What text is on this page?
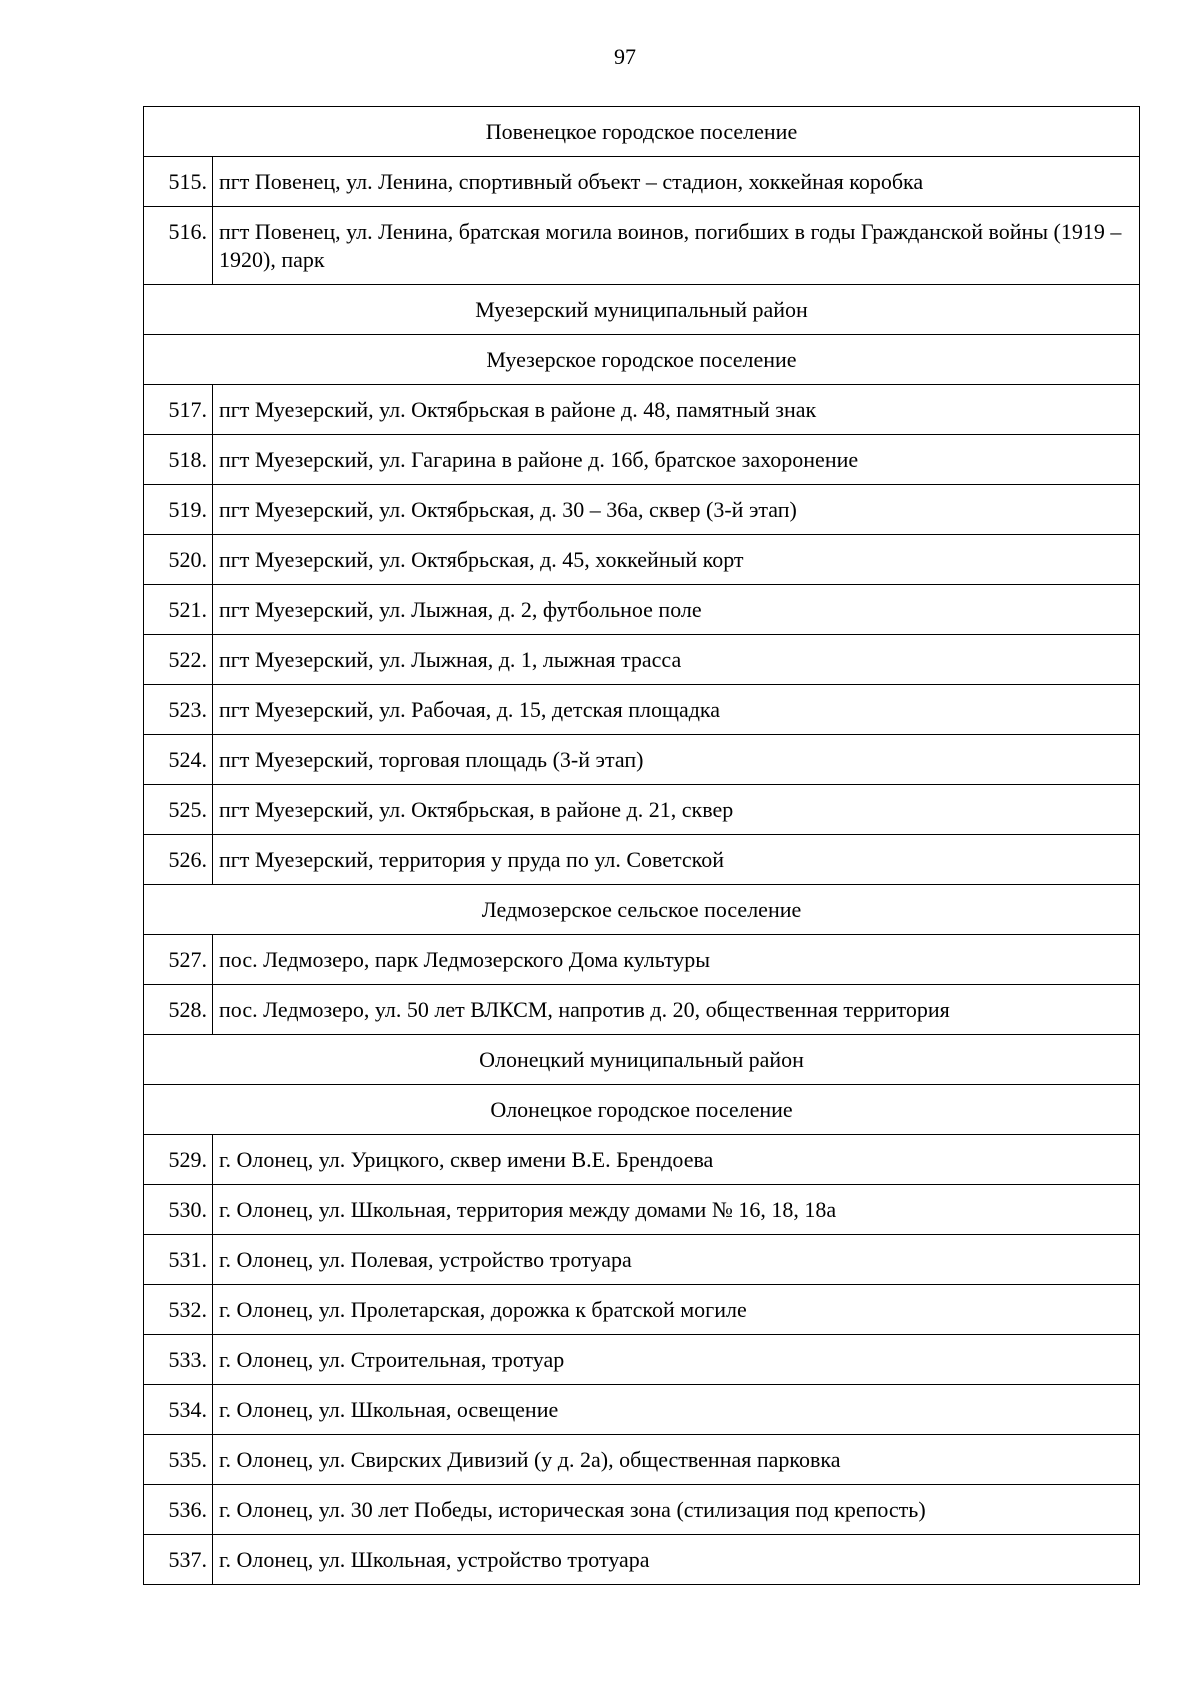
97
Повенецкое городское поселение	
515.	пгт Повенец, ул. Ленина, спортивный объект – стадион, хоккейная коробка
516.	пгт Повенец, ул. Ленина, братская могила воинов, погибших в годы Гражданской войны (1919 – 1920), парк
Муезерский муниципальный район	
Муезерское городское поселение	
517.	пгт Муезерский, ул. Октябрьская в районе д. 48, памятный знак
518.	пгт Муезерский, ул. Гагарина в районе д. 16б, братское захоронение
519.	пгт Муезерский, ул. Октябрьская, д. 30 – 36а, сквер (3-й этап)
520.	пгт Муезерский, ул. Октябрьская, д. 45, хоккейный корт
521.	пгт Муезерский, ул. Лыжная, д. 2, футбольное поле
522.	пгт Муезерский, ул. Лыжная, д. 1, лыжная трасса
523.	пгт Муезерский, ул. Рабочая, д. 15, детская площадка
524.	пгт Муезерский, торговая площадь (3-й этап)
525.	пгт Муезерский, ул. Октябрьская, в районе д. 21, сквер
526.	пгт Муезерский, территория у пруда по ул. Советской
Ледмозерское сельское поселение	
527.	пос. Ледмозеро, парк Ледмозерского Дома культуры
528.	пос. Ледмозеро, ул. 50 лет ВЛКСМ, напротив д. 20, общественная территория
Олонецкий муниципальный район	
Олонецкое городское поселение	
529.	г. Олонец, ул. Урицкого, сквер имени В.Е. Брендоева
530.	г. Олонец, ул. Школьная, территория между домами № 16, 18, 18а
531.	г. Олонец, ул. Полевая, устройство тротуара
532.	г. Олонец, ул. Пролетарская, дорожка к братской могиле
533.	г. Олонец, ул. Строительная, тротуар
534.	г. Олонец, ул. Школьная, освещение
535.	г. Олонец, ул. Свирских Дивизий (у д. 2а), общественная парковка
536.	г. Олонец, ул. 30 лет Победы, историческая зона (стилизация под крепость)
537.	г. Олонец, ул. Школьная, устройство тротуара
